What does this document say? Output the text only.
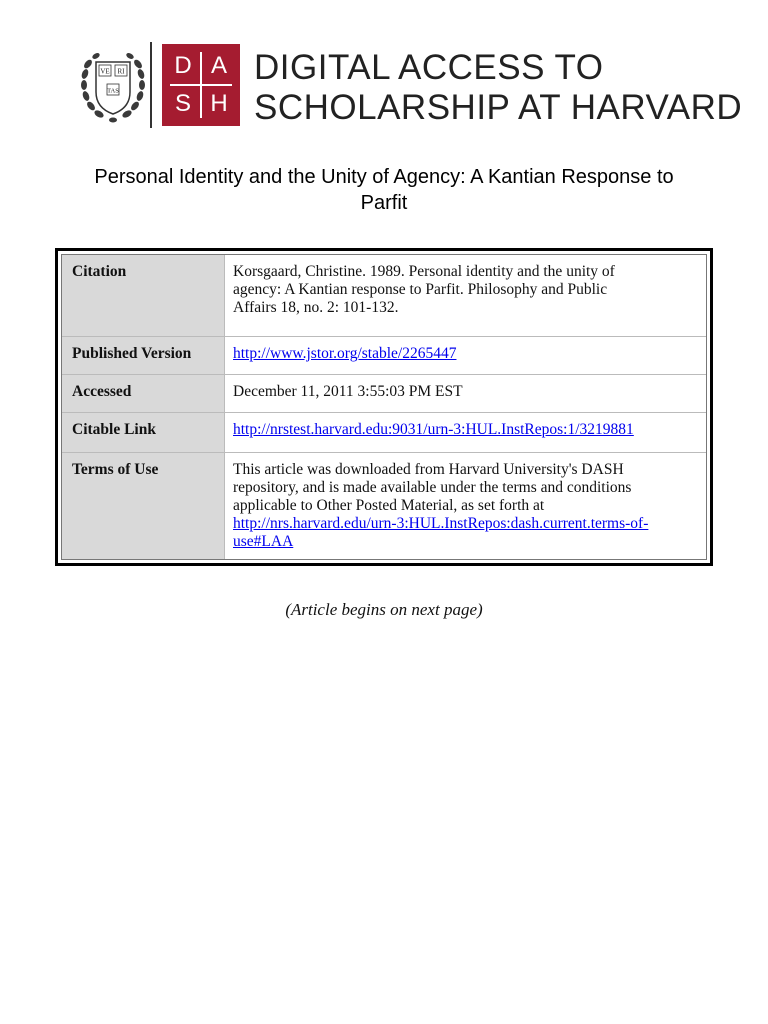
VE RI
TAS
D A
S H
DIGITAL ACCESS TO
SCHOLARSHIP AT HARVARD
Personal Identity and the Unity of Agency: A Kantian Response to
Parfit
Citation	Korsgaard, Christine. 1989. Personal identity and the unity of
agency: A Kantian response to Parfit. Philosophy and Public
Affairs 18, no. 2: 101-132.
Published Version	http://www.jstor.org/stable/2265447
Accessed	December 11, 2011 3:55:03 PM EST
Citable Link	http://nrstest.harvard.edu:9031/urn-3:HUL.InstRepos:1/3219881
Terms of Use	This article was downloaded from Harvard University's DASH
repository, and is made available under the terms and conditions
applicable to Other Posted Material, as set forth at
http://nrs.harvard.edu/urn-3:HUL.InstRepos:dash.current.terms-of-
use#LAA
(Article begins on next page)
